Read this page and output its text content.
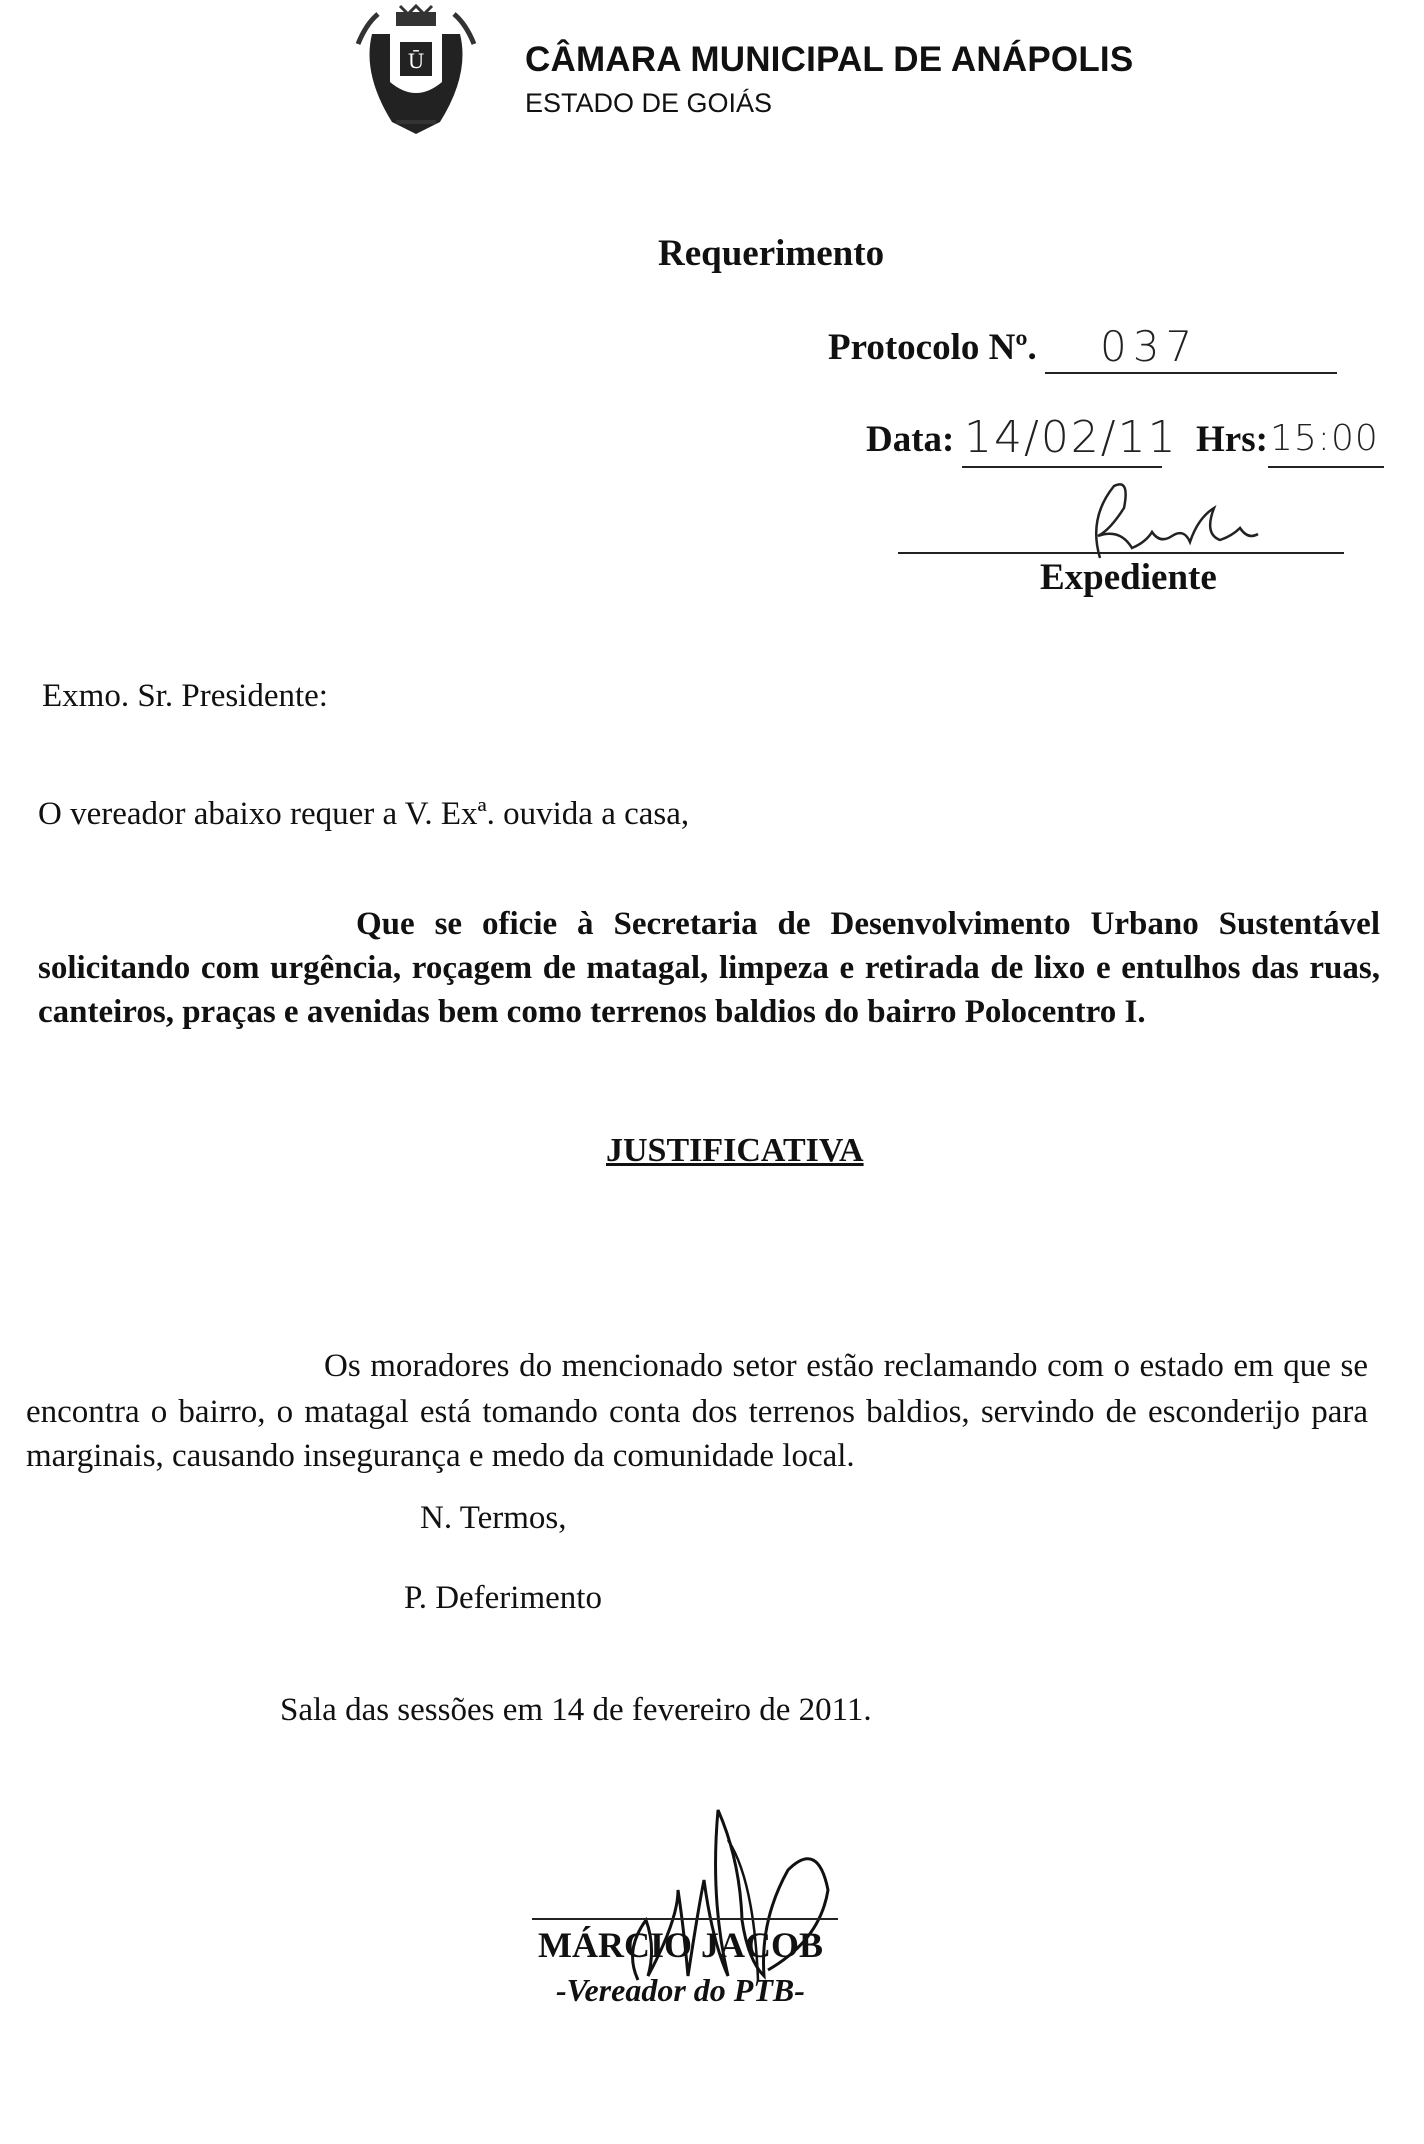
Ū	CÂMARA MUNICIPAL DE ANÁPOLIS
ESTADO DE GOIÁS
Requerimento
Protocolo Nº. 037
Data: 14/02/11 Hrs: 15:00
Expediente
Exmo. Sr. Presidente:
O vereador abaixo requer a V. Exª. ouvida a casa,
Que se oficie à Secretaria de Desenvolvimento Urbano Sustentável
solicitando com urgência, roçagem de matagal, limpeza e retirada de lixo e entulhos das ruas,
canteiros, praças e avenidas bem como terrenos baldios do bairro Polocentro I.
JUSTIFICATIVA
Os moradores do mencionado setor estão reclamando com o estado em que se
encontra o bairro, o matagal está tomando conta dos terrenos baldios, servindo de esconderijo para
marginais, causando insegurança e medo da comunidade local.
N. Termos,
P. Deferimento
Sala das sessões em 14 de fevereiro de 2011.
MÁRCIO JACOB
-Vereador do PTB-
